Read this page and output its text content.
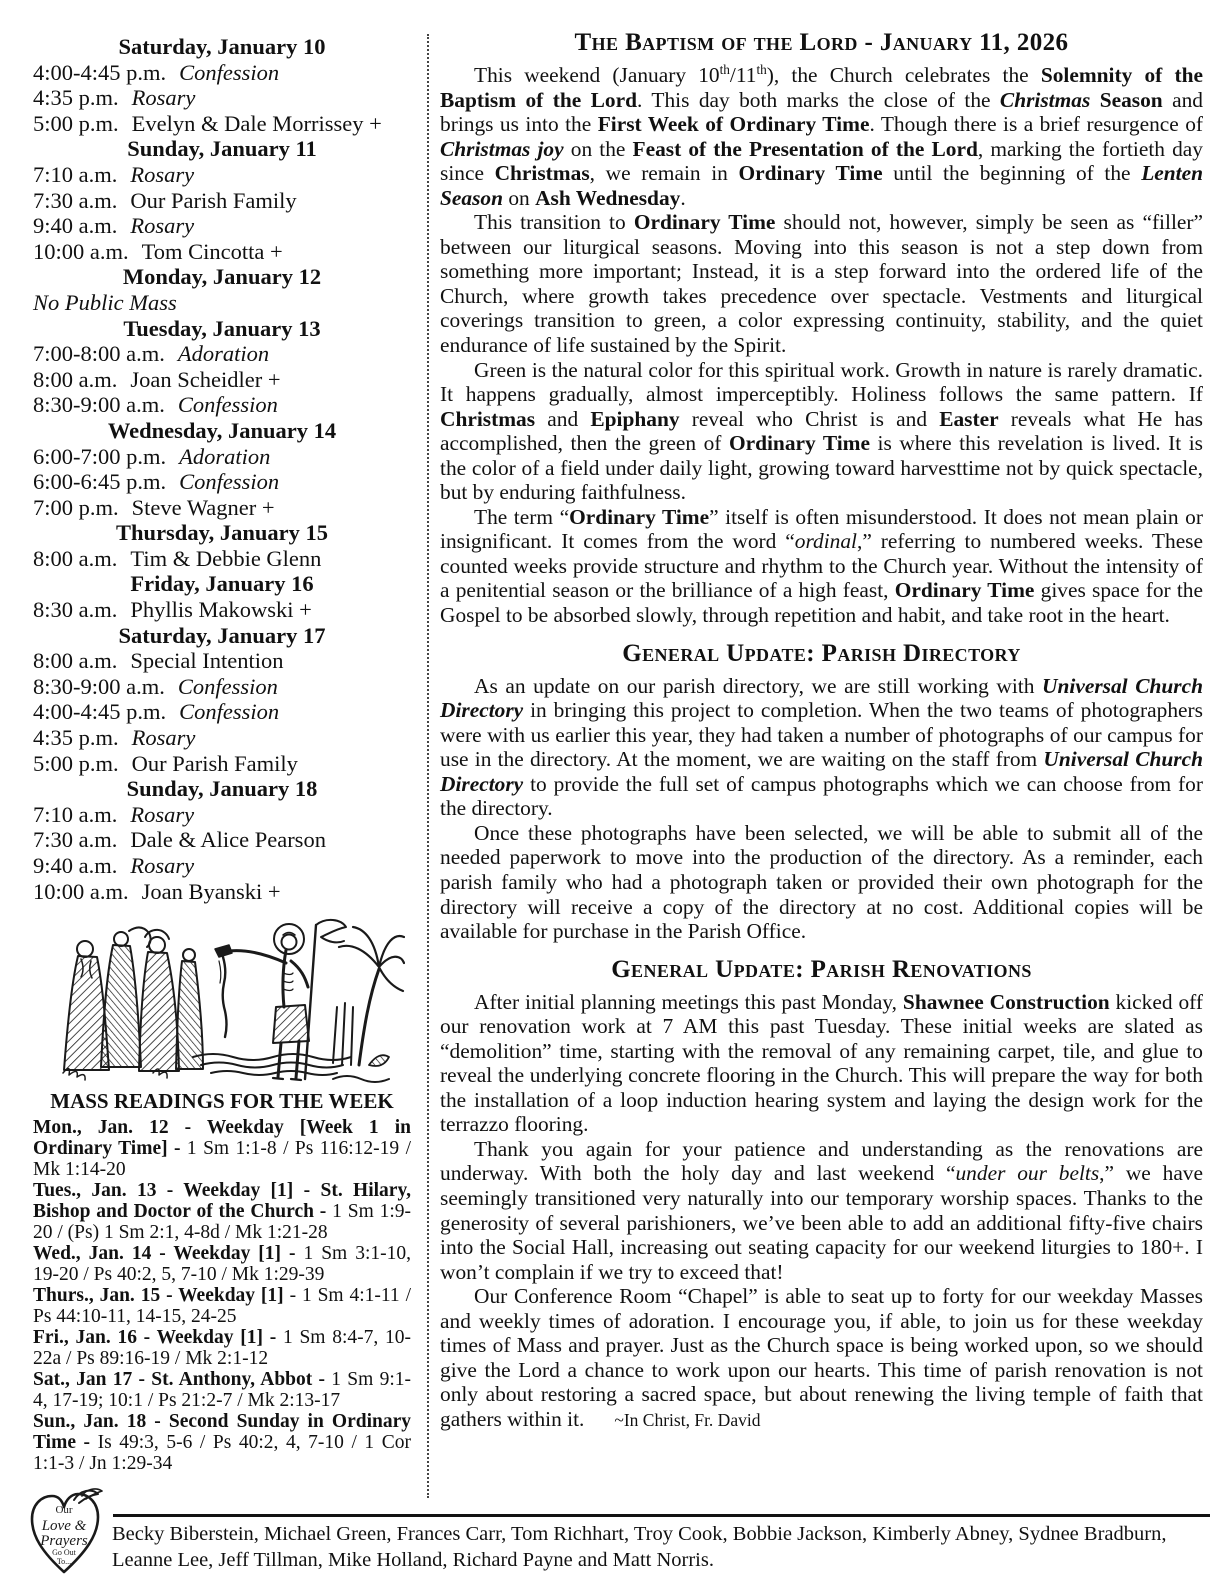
Saturday, January 10
4:00-4:45 p.m. Confession
4:35 p.m. Rosary
5:00 p.m. Evelyn & Dale Morrissey +
Sunday, January 11
7:10 a.m. Rosary
7:30 a.m. Our Parish Family
9:40 a.m. Rosary
10:00 a.m. Tom Cincotta +
Monday, January 12
No Public Mass
Tuesday, January 13
7:00-8:00 a.m. Adoration
8:00 a.m. Joan Scheidler +
8:30-9:00 a.m. Confession
Wednesday, January 14
6:00-7:00 p.m. Adoration
6:00-6:45 p.m. Confession
7:00 p.m. Steve Wagner +
Thursday, January 15
8:00 a.m. Tim & Debbie Glenn
Friday, January 16
8:30 a.m. Phyllis Makowski +
Saturday, January 17
8:00 a.m. Special Intention
8:30-9:00 a.m. Confession
4:00-4:45 p.m. Confession
4:35 p.m. Rosary
5:00 p.m. Our Parish Family
Sunday, January 18
7:10 a.m. Rosary
7:30 a.m. Dale & Alice Pearson
9:40 a.m. Rosary
10:00 a.m. Joan Byanski +
MASS READINGS FOR THE WEEK

Mon., Jan. 12 - Weekday [Week 1 in Ordinary Time] - 1 Sm 1:1-8 / Ps 116:12-19 / Mk 1:14-20

Tues., Jan. 13 - Weekday [1] - St. Hilary, Bishop and Doctor of the Church - 1 Sm 1:9-20 / (Ps) 1 Sm 2:1, 4-8d / Mk 1:21-28

Wed., Jan. 14 - Weekday [1] - 1 Sm 3:1-10, 19-20 / Ps 40:2, 5, 7-10 / Mk 1:29-39

Thurs., Jan. 15 - Weekday [1] - 1 Sm 4:1-11 / Ps 44:10-11, 14-15, 24-25

Fri., Jan. 16 - Weekday [1] - 1 Sm 8:4-7, 10-22a / Ps 89:16-19 / Mk 2:1-12

Sat., Jan 17 - St. Anthony, Abbot - 1 Sm 9:1-4, 17-19; 10:1 / Ps 21:2-7 / Mk 2:13-17

Sun., Jan. 18 - Second Sunday in Ordinary Time - Is 49:3, 5-6 / Ps 40:2, 4, 7-10 / 1 Cor 1:1-3 / Jn 1:29-34

The Baptism of the Lord - January 11, 2026

This weekend (January 10th/11th), the Church celebrates the Solemnity of the Baptism of the Lord. This day both marks the close of the Christmas Season and brings us into the First Week of Ordinary Time. Though there is a brief resurgence of Christmas joy on the Feast of the Presentation of the Lord, marking the fortieth day since Christmas, we remain in Ordinary Time until the beginning of the Lenten Season on Ash Wednesday.

This transition to Ordinary Time should not, however, simply be seen as “filler” between our liturgical seasons. Moving into this season is not a step down from something more important; Instead, it is a step forward into the ordered life of the Church, where growth takes precedence over spectacle. Vestments and liturgical coverings transition to green, a color expressing continuity, stability, and the quiet endurance of life sustained by the Spirit.

Green is the natural color for this spiritual work. Growth in nature is rarely dramatic. It happens gradually, almost imperceptibly. Holiness follows the same pattern. If Christmas and Epiphany reveal who Christ is and Easter reveals what He has accomplished, then the green of Ordinary Time is where this revelation is lived. It is the color of a field under daily light, growing toward harvesttime not by quick spectacle, but by enduring faithfulness.

The term “Ordinary Time” itself is often misunderstood. It does not mean plain or insignificant. It comes from the word “ordinal,” referring to numbered weeks. These counted weeks provide structure and rhythm to the Church year. Without the intensity of a penitential season or the brilliance of a high feast, Ordinary Time gives space for the Gospel to be absorbed slowly, through repetition and habit, and take root in the heart.

General Update: Parish Directory

As an update on our parish directory, we are still working with Universal Church Directory in bringing this project to completion. When the two teams of photographers were with us earlier this year, they had taken a number of photographs of our campus for use in the directory. At the moment, we are waiting on the staff from Universal Church Directory to provide the full set of campus photographs which we can choose from for the directory.

Once these photographs have been selected, we will be able to submit all of the needed paperwork to move into the production of the directory. As a reminder, each parish family who had a photograph taken or provided their own photograph for the directory will receive a copy of the directory at no cost. Additional copies will be available for purchase in the Parish Office.

General Update: Parish Renovations

After initial planning meetings this past Monday, Shawnee Construction kicked off our renovation work at 7 AM this past Tuesday. These initial weeks are slated as “demolition” time, starting with the removal of any remaining carpet, tile, and glue to reveal the underlying concrete flooring in the Church. This will prepare the way for both the installation of a loop induction hearing system and laying the design work for the terrazzo flooring.

Thank you again for your patience and understanding as the renovations are underway. With both the holy day and last weekend “under our belts,” we have seemingly transitioned very naturally into our temporary worship spaces. Thanks to the generosity of several parishioners, we’ve been able to add an additional fifty-five chairs into the Social Hall, increasing out seating capacity for our weekend liturgies to 180+. I won’t complain if we try to exceed that!

Our Conference Room “Chapel” is able to seat up to forty for our weekday Masses and weekly times of adoration. I encourage you, if able, to join us for these weekday times of Mass and prayer. Just as the Church space is being worked upon, so we should give the Lord a chance to work upon our hearts. This time of parish renovation is not only about restoring a sacred space, but about renewing the living temple of faith that gathers within it. ~In Christ, Fr. David

Our
Love &
Prayers
Go Out
To...

Becky Biberstein, Michael Green, Frances Carr, Tom Richhart, Troy Cook, Bobbie Jackson, Kimberly Abney, Sydnee Bradburn, Leanne Lee, Jeff Tillman, Mike Holland, Richard Payne and Matt Norris.
